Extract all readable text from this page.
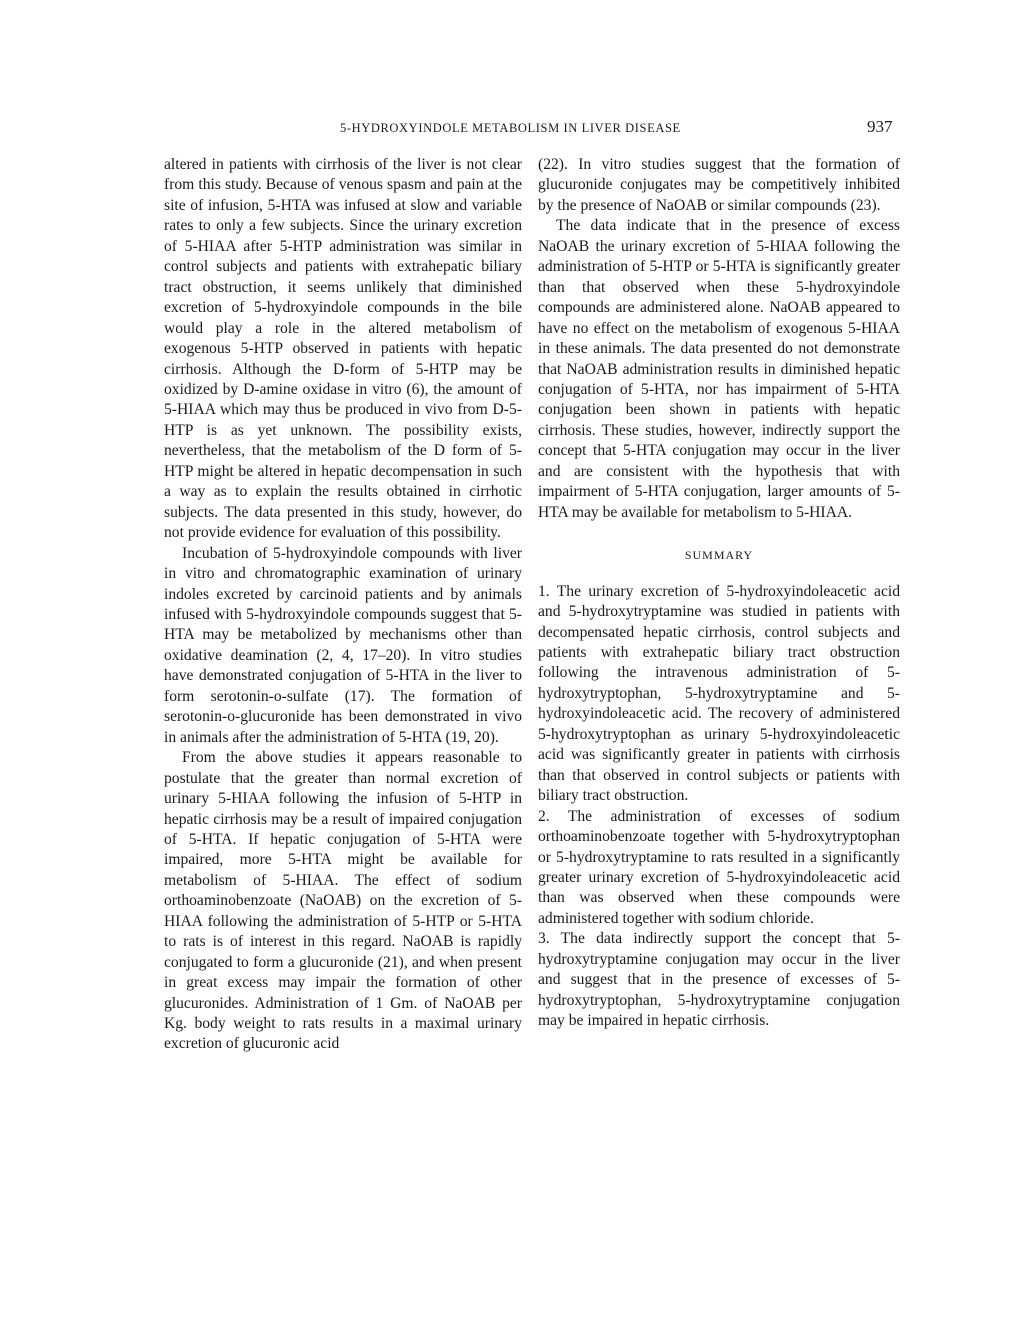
5-HYDROXYINDOLE METABOLISM IN LIVER DISEASE	937

altered in patients with cirrhosis of the liver is not clear from this study. Because of venous spasm and pain at the site of infusion, 5-HTA was infused at slow and variable rates to only a few subjects. Since the urinary excretion of 5-HIAA after 5-HTP administration was similar in control subjects and patients with extrahepatic biliary tract obstruction, it seems unlikely that diminished excretion of 5-hydroxyindole compounds in the bile would play a role in the altered metabolism of exogenous 5-HTP observed in patients with hepatic cirrhosis. Although the D-form of 5-HTP may be oxidized by D-amine oxidase in vitro (6), the amount of 5-HIAA which may thus be produced in vivo from D-5-HTP is as yet unknown. The possibility exists, nevertheless, that the metabolism of the D form of 5-HTP might be altered in hepatic decompensation in such a way as to explain the results obtained in cirrhotic subjects. The data presented in this study, however, do not provide evidence for evaluation of this possibility.

Incubation of 5-hydroxyindole compounds with liver in vitro and chromatographic examination of urinary indoles excreted by carcinoid patients and by animals infused with 5-hydroxyindole compounds suggest that 5-HTA may be metabolized by mechanisms other than oxidative deamination (2, 4, 17–20). In vitro studies have demonstrated conjugation of 5-HTA in the liver to form serotonin-o-sulfate (17). The formation of serotonin-o-glucuronide has been demonstrated in vivo in animals after the administration of 5-HTA (19, 20).

From the above studies it appears reasonable to postulate that the greater than normal excretion of urinary 5-HIAA following the infusion of 5-HTP in hepatic cirrhosis may be a result of impaired conjugation of 5-HTA. If hepatic conjugation of 5-HTA were impaired, more 5-HTA might be available for metabolism of 5-HIAA. The effect of sodium orthoaminobenzoate (NaOAB) on the excretion of 5-HIAA following the administration of 5-HTP or 5-HTA to rats is of interest in this regard. NaOAB is rapidly conjugated to form a glucuronide (21), and when present in great excess may impair the formation of other glucuronides. Administration of 1 Gm. of NaOAB per Kg. body weight to rats results in a maximal urinary excretion of glucuronic acid

(22). In vitro studies suggest that the formation of glucuronide conjugates may be competitively inhibited by the presence of NaOAB or similar compounds (23).

The data indicate that in the presence of excess NaOAB the urinary excretion of 5-HIAA following the administration of 5-HTP or 5-HTA is significantly greater than that observed when these 5-hydroxyindole compounds are administered alone. NaOAB appeared to have no effect on the metabolism of exogenous 5-HIAA in these animals. The data presented do not demonstrate that NaOAB administration results in diminished hepatic conjugation of 5-HTA, nor has impairment of 5-HTA conjugation been shown in patients with hepatic cirrhosis. These studies, however, indirectly support the concept that 5-HTA conjugation may occur in the liver and are consistent with the hypothesis that with impairment of 5-HTA conjugation, larger amounts of 5-HTA may be available for metabolism to 5-HIAA.

SUMMARY

1. The urinary excretion of 5-hydroxyindoleacetic acid and 5-hydroxytryptamine was studied in patients with decompensated hepatic cirrhosis, control subjects and patients with extrahepatic biliary tract obstruction following the intravenous administration of 5-hydroxytryptophan, 5-hydroxytryptamine and 5-hydroxyindoleacetic acid. The recovery of administered 5-hydroxytryptophan as urinary 5-hydroxyindoleacetic acid was significantly greater in patients with cirrhosis than that observed in control subjects or patients with biliary tract obstruction.

2. The administration of excesses of sodium orthoaminobenzoate together with 5-hydroxytryptophan or 5-hydroxytryptamine to rats resulted in a significantly greater urinary excretion of 5-hydroxyindoleacetic acid than was observed when these compounds were administered together with sodium chloride.

3. The data indirectly support the concept that 5-hydroxytryptamine conjugation may occur in the liver and suggest that in the presence of excesses of 5-hydroxytryptophan, 5-hydroxytryptamine conjugation may be impaired in hepatic cirrhosis.
